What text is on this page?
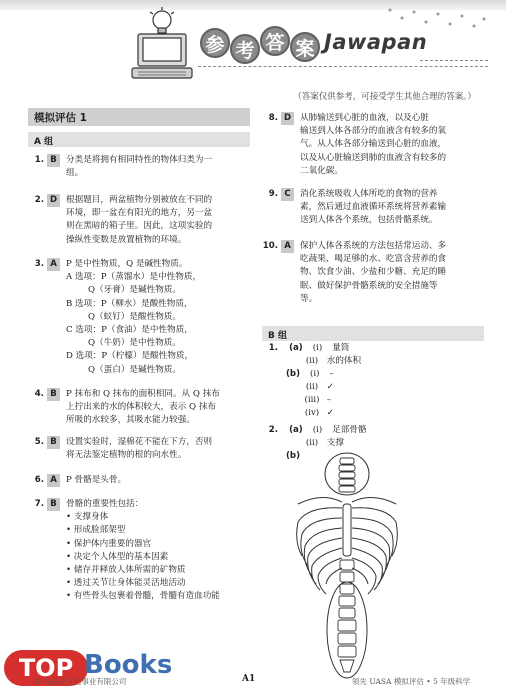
参 考 答 案 Jawapan
（答案仅供参考，可接受学生其他合理的答案。）
模拟评估 1
A 组
1. B	分类是将拥有相同特性的物体归类为一
组。
2. D	根据题目，两盆植物分别被放在不同的
环境，即一盆在有阳光的地方，另一盆
则在黑暗的箱子里。因此，这项实验的
操纵性变数是放置植物的环境。
3. A	P 是中性物质，Q 是碱性物质。
A 选项：P（蒸馏水）是中性物质，
Q（牙膏）是碱性物质。
B 选项：P（柳水）是酸性物质，
Q（蚁钉）是酸性物质。
C 选项：P（食油）是中性物质，
Q（牛奶）是中性物质。
D 选项：P（柠檬）是酸性物质，
Q（蛋白）是碱性物质。
4. B	P 抹布和 Q 抹布的面积相同。从 Q 抹布
上拧出来的水的体积较大，表示 Q 抹布
所吸的水较多，其吸水能力较强。
5. B	设置实验时，湿棉花不能在下方，否则
将无法鉴定植物的根的向水性。
6. A	P 骨骼是头骨。
7. B	骨骼的重要性包括：
• 支撑身体
• 形成脸部架型
• 保护体内重要的器官
• 决定个人体型的基本因素
• 储存并释放人体所需的矿物质
• 透过关节让身体能灵活地活动
• 有些骨头包裹着骨髓，骨髓有造血功能
8. D	从肺输送到心脏的血液，以及心脏
输送到人体各部分的血液含有较多的氧
气。从人体各部分输送到心脏的血液，
以及从心脏输送到肺的血液含有较多的
二氧化碳。
9. C	消化系统吸收人体所吃的食物的营养
素，然后通过血液循环系统将营养素输
送到人体各个系统，包括骨骼系统。
10. A	保护人体各系统的方法包括常运动、多
吃蔬果、喝足够的水、吃富含营养的食
物、饮食少油、少盐和少糖、充足的睡
眠、做好保护骨骼系统的安全措施等
等。
B 组
1. (a) (i) 量筒
(ii) 水的体积
(b) (i) –
(ii) ✓
(iii) –
(iv) ✓
2. (a) (i) 足部骨骼
(ii) 支撑
(b)
TOP Books
© 马来亚文化事业有限公司	A1	领先 UASA 模拟评估 • 5 年级科学
